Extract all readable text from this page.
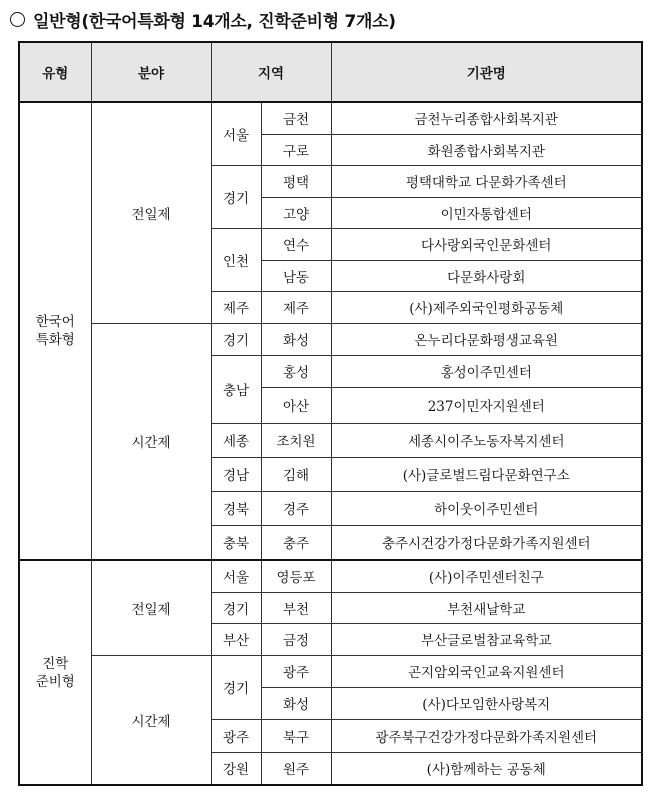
일반형(한국어특화형 14개소, 진학준비형 7개소)
유형	분야	지역		기관명
한국어
특화형	전일제	서울	금천	금천누리종합사회복지관
			구로	화원종합사회복지관
		경기	평택	평택대학교 다문화가족센터
			고양	이민자통합센터
		인천	연수	다사랑외국인문화센터
			남동	다문화사랑회
		제주	제주	(사)제주외국인평화공동체
	시간제	경기	화성	온누리다문화평생교육원
		충남	홍성	홍성이주민센터
			아산	237이민자지원센터
		세종	조치원	세종시이주노동자복지센터
		경남	김해	(사)글로벌드림다문화연구소
		경북	경주	하이웃이주민센터
		충북	충주	충주시건강가정다문화가족지원센터
진학
준비형	전일제	서울	영등포	(사)이주민센터친구
		경기	부천	부천새날학교
		부산	금정	부산글로벌참교육학교
	시간제	경기	광주	곤지암외국인교육지원센터
			화성	(사)다모임한사랑복지
		광주	북구	광주북구건강가정다문화가족지원센터
		강원	원주	(사)함께하는 공동체
